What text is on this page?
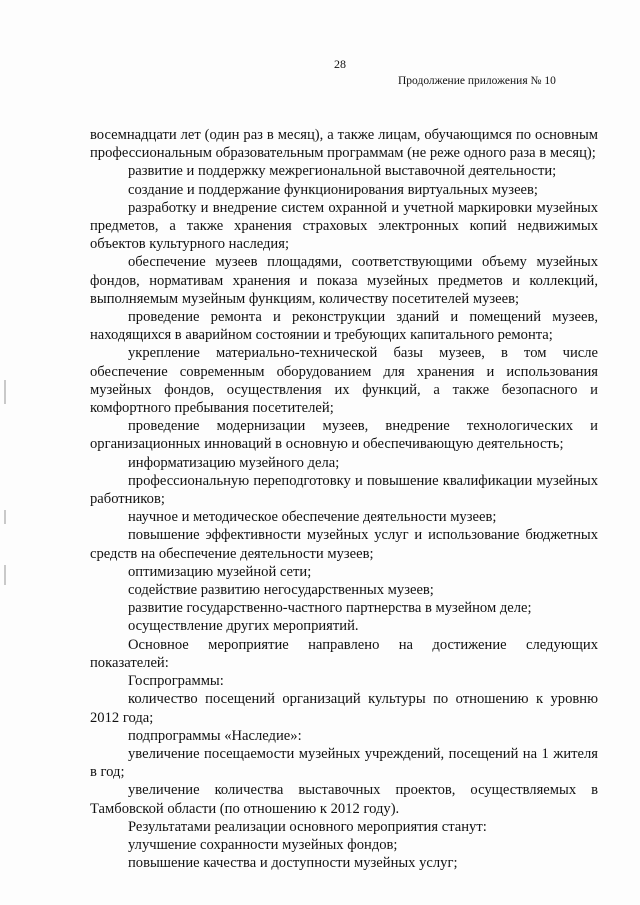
28
Продолжение приложения № 10

восемнадцати лет (один раз в месяц), а также лицам, обучающимся по основным профессиональным образовательным программам (не реже одного раза в месяц);

развитие и поддержку межрегиональной выставочной деятельности;

создание и поддержание функционирования виртуальных музеев;

разработку и внедрение систем охранной и учетной маркировки музейных предметов, а также хранения страховых электронных копий недвижимых объектов культурного наследия;

обеспечение музеев площадями, соответствующими объему музейных фондов, нормативам хранения и показа музейных предметов и коллекций, выполняемым музейным функциям, количеству посетителей музеев;

проведение ремонта и реконструкции зданий и помещений музеев, находящихся в аварийном состоянии и требующих капитального ремонта;

укрепление материально-технической базы музеев, в том числе обеспечение современным оборудованием для хранения и использования музейных фондов, осуществления их функций, а также безопасного и комфортного пребывания посетителей;

проведение модернизации музеев, внедрение технологических и организационных инноваций в основную и обеспечивающую деятельность;

информатизацию музейного дела;

профессиональную переподготовку и повышение квалификации музейных работников;

научное и методическое обеспечение деятельности музеев;

повышение эффективности музейных услуг и использование бюджетных средств на обеспечение деятельности музеев;

оптимизацию музейной сети;

содействие развитию негосударственных музеев;

развитие государственно-частного партнерства в музейном деле;

осуществление других мероприятий.

Основное мероприятие направлено на достижение следующих показателей:

Госпрограммы:

количество посещений организаций культуры по отношению к уровню 2012 года;

подпрограммы «Наследие»:

увеличение посещаемости музейных учреждений, посещений на 1 жителя в год;

увеличение количества выставочных проектов, осуществляемых в Тамбовской области (по отношению к 2012 году).

Результатами реализации основного мероприятия станут:

улучшение сохранности музейных фондов;

повышение качества и доступности музейных услуг;
